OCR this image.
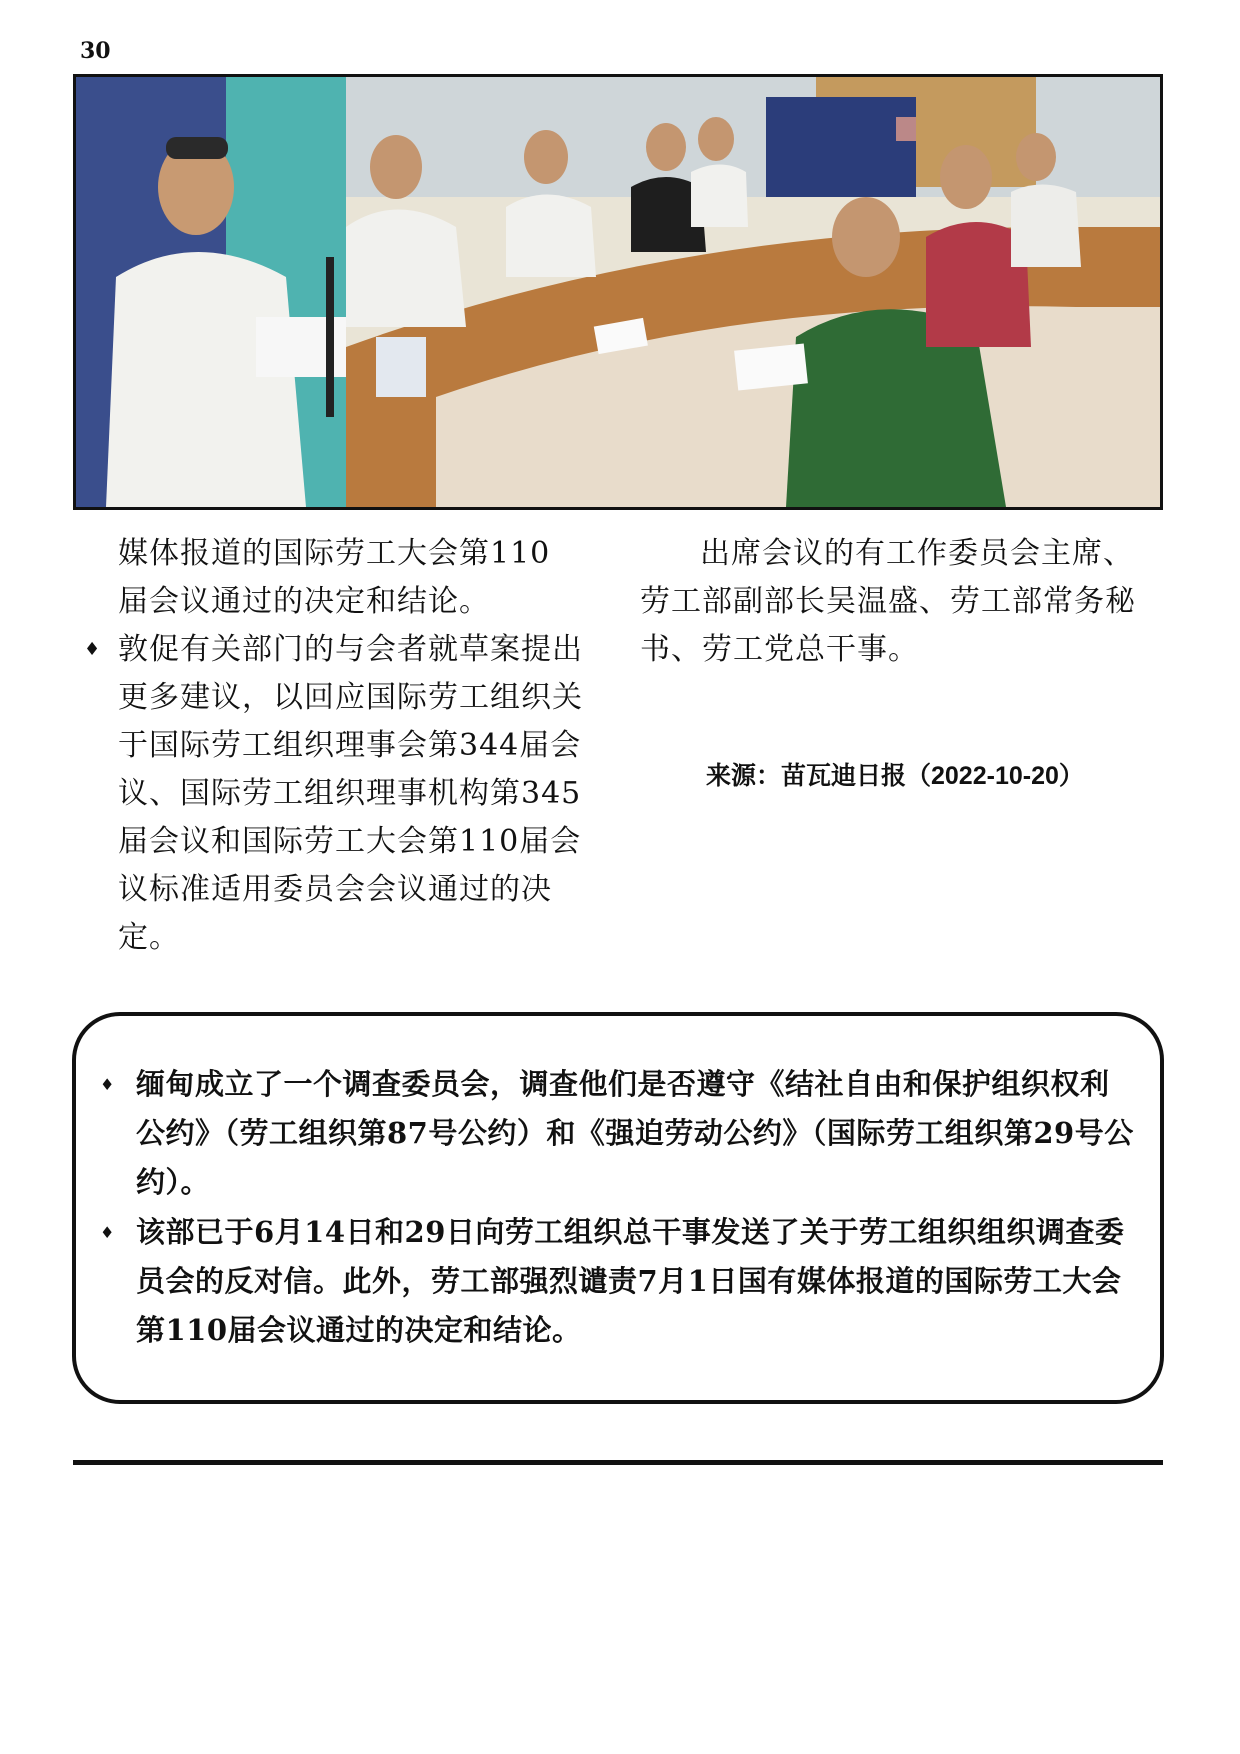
30

媒体报道的国际劳工大会第110

届会议通过的决定和结论。

♦ 敦促有关部门的与会者就草案提出更多建议，以回应国际劳工组织关于国际劳工组织理事会第344届会议、国际劳工组织理事机构第345届会议和国际劳工大会第110届会议标准适用委员会会议通过的决定。

出席会议的有工作委员会主席、劳工部副部长吴温盛、劳工部常务秘书、劳工党总干事。

来源：苗瓦迪日报（2022-10-20）
♦ 缅甸成立了一个调查委员会，调查他们是否遵守《结社自由和保护组织权利公约》（劳工组织第87号公约）和《强迫劳动公约》（国际劳工组织第29号公约）。
♦ 该部已于6月14日和29日向劳工组织总干事发送了关于劳工组织组织调查委员会的反对信。此外，劳工部强烈谴责7月1日国有媒体报道的国际劳工大会第110届会议通过的决定和结论。
